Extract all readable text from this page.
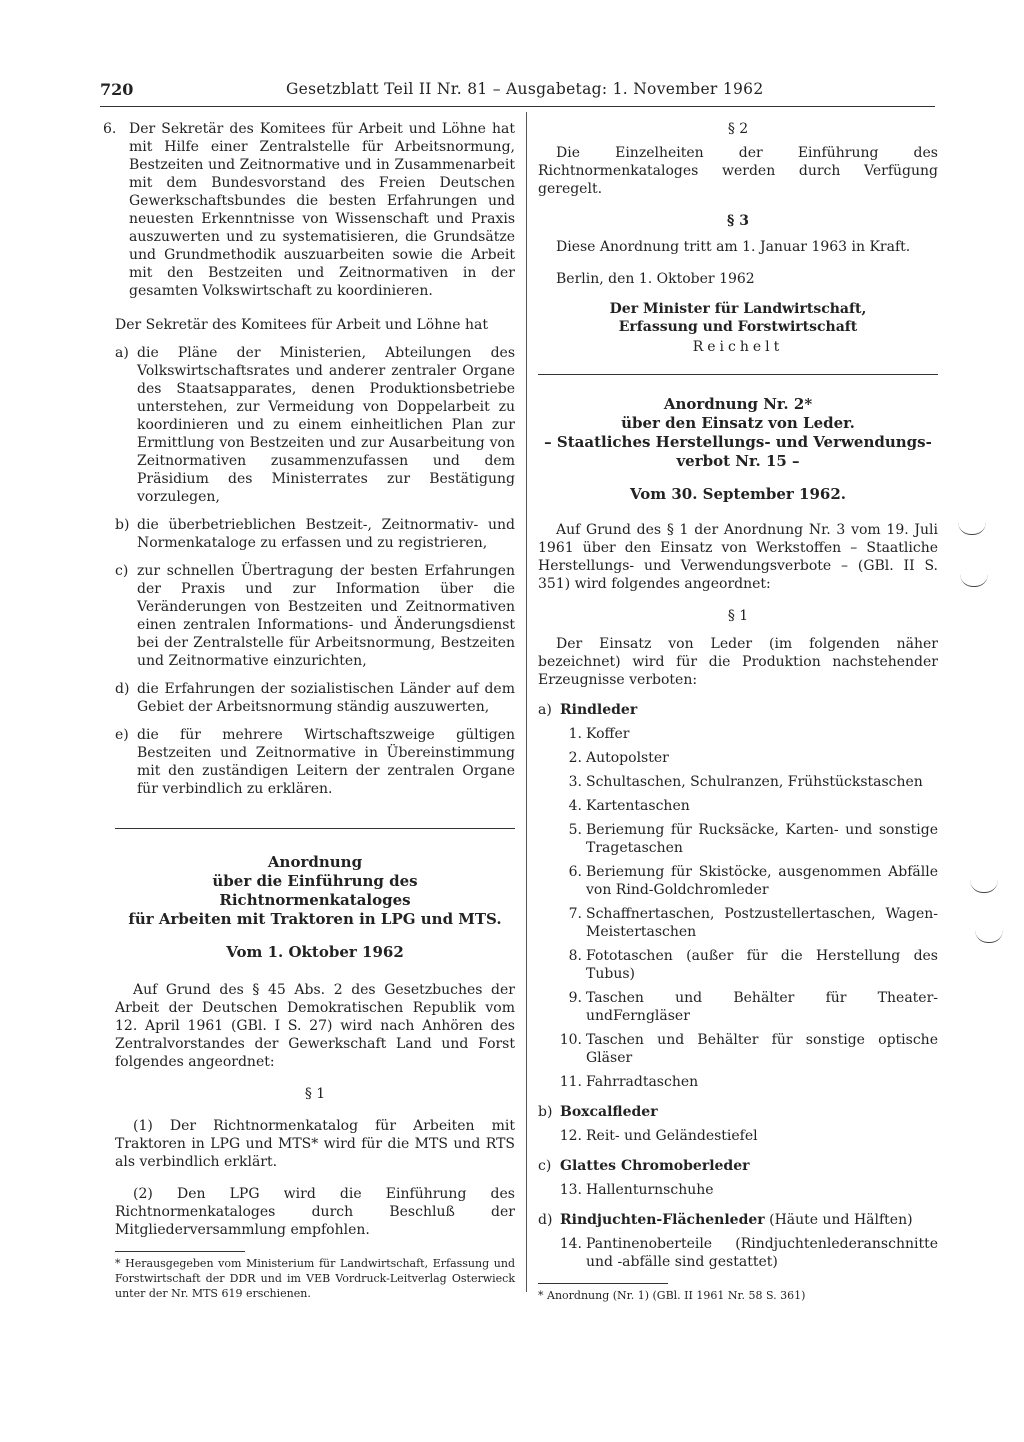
720	Gesetzblatt Teil II Nr. 81 – Ausgabetag: 1. November 1962

6. Der Sekretär des Komitees für Arbeit und Löhne hat mit Hilfe einer Zentralstelle für Arbeitsnormung, Bestzeiten und Zeitnormative und in Zusammenarbeit mit dem Bundesvorstand des Freien Deutschen Gewerkschaftsbundes die besten Erfahrungen und neuesten Erkenntnisse von Wissenschaft und Praxis auszuwerten und zu systematisieren, die Grundsätze und Grundmethodik auszuarbeiten sowie die Arbeit mit den Bestzeiten und Zeitnormativen in der gesamten Volkswirtschaft zu koordinieren.

Der Sekretär des Komitees für Arbeit und Löhne hat

a) die Pläne der Ministerien, Abteilungen des Volkswirtschaftsrates und anderer zentraler Organe des Staatsapparates, denen Produktionsbetriebe unterstehen, zur Vermeidung von Doppelarbeit zu koordinieren und zu einem einheitlichen Plan zur Ermittlung von Bestzeiten und zur Ausarbeitung von Zeitnormativen zusammenzufassen und dem Präsidium des Ministerrates zur Bestätigung vorzulegen,

b) die überbetrieblichen Bestzeit-, Zeitnormativ- und Normenkataloge zu erfassen und zu registrieren,

c) zur schnellen Übertragung der besten Erfahrungen der Praxis und zur Information über die Veränderungen von Bestzeiten und Zeitnormativen einen zentralen Informations- und Änderungsdienst bei der Zentralstelle für Arbeitsnormung, Bestzeiten und Zeitnormative einzurichten,

d) die Erfahrungen der sozialistischen Länder auf dem Gebiet der Arbeitsnormung ständig auszuwerten,

e) die für mehrere Wirtschaftszweige gültigen Bestzeiten und Zeitnormative in Übereinstimmung mit den zuständigen Leitern der zentralen Organe für verbindlich zu erklären.

Anordnung
über die Einführung des Richtnormenkataloges
für Arbeiten mit Traktoren in LPG und MTS.
Vom 1. Oktober 1962

Auf Grund des § 45 Abs. 2 des Gesetzbuches der Arbeit der Deutschen Demokratischen Republik vom 12. April 1961 (GBl. I S. 27) wird nach Anhören des Zentralvorstandes der Gewerkschaft Land und Forst folgendes angeordnet:

§ 1

(1) Der Richtnormenkatalog für Arbeiten mit Traktoren in LPG und MTS* wird für die MTS und RTS als verbindlich erklärt.

(2) Den LPG wird die Einführung des Richtnormenkataloges durch Beschluß der Mitgliederversammlung empfohlen.

* Herausgegeben vom Ministerium für Landwirtschaft, Erfassung und Forstwirtschaft der DDR und im VEB Vordruck-Leitverlag Osterwieck unter der Nr. MTS 619 erschienen.

§ 2

Die Einzelheiten der Einführung des Richtnormenkataloges werden durch Verfügung geregelt.

§ 3

Diese Anordnung tritt am 1. Januar 1963 in Kraft.

Berlin, den 1. Oktober 1962

Der Minister für Landwirtschaft,
Erfassung und Forstwirtschaft
Reichelt
Anordnung Nr. 2*
über den Einsatz von Leder.
– Staatliches Herstellungs- und Verwendungs-
verbot Nr. 15 –
Vom 30. September 1962.

Auf Grund des § 1 der Anordnung Nr. 3 vom 19. Juli 1961 über den Einsatz von Werkstoffen – Staatliche Herstellungs- und Verwendungsverbote – (GBl. II S. 351) wird folgendes angeordnet:

§ 1

Der Einsatz von Leder (im folgenden näher bezeichnet) wird für die Produktion nachstehender Erzeugnisse verboten:

a) Rindleder

1. Koffer

2. Autopolster

3. Schultaschen, Schulranzen, Frühstückstaschen

4. Kartentaschen

5. Beriemung für Rucksäcke, Karten- und sonstige Tragetaschen

6. Beriemung für Skistöcke, ausgenommen Abfälle von Rind-Goldchromleder

7. Schaffnertaschen, Postzustellertaschen, Wagen-Meistertaschen

8. Fototaschen (außer für die Herstellung des Tubus)

9. Taschen und Behälter für Theater- undFerngläser

10. Taschen und Behälter für sonstige optische Gläser

11. Fahrradtaschen

b) Boxcalfleder

12. Reit- und Geländestiefel

c) Glattes Chromoberleder

13. Hallenturnschuhe

d) Rindjuchten-Flächenleder (Häute und Hälften)

14. Pantinenoberteile (Rindjuchtenlederanschnitte und -abfälle sind gestattet)

* Anordnung (Nr. 1) (GBl. II 1961 Nr. 58 S. 361)
